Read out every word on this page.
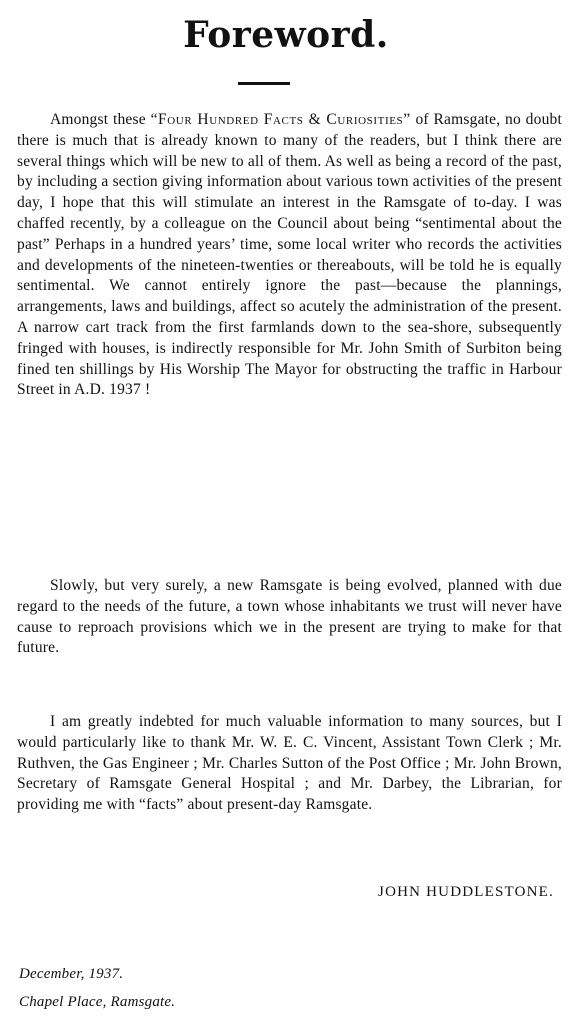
Foreword.

Amongst these “Four Hundred Facts & Curiosities” of Ramsgate, no doubt there is much that is already known to many of the readers, but I think there are several things which will be new to all of them. As well as being a record of the past, by including a section giving information about various town activities of the present day, I hope that this will stimulate an interest in the Ramsgate of to-day. I was chaffed recently, by a colleague on the Council about being “sentimental about the past” Perhaps in a hundred years’ time, some local writer who records the activities and developments of the nineteen-twenties or thereabouts, will be told he is equally sentimental. We cannot entirely ignore the past—because the plannings, arrangements, laws and buildings, affect so acutely the administration of the present. A narrow cart track from the first farmlands down to the sea-shore, subsequently fringed with houses, is indirectly responsible for Mr. John Smith of Surbiton being fined ten shillings by His Worship The Mayor for obstructing the traffic in Harbour Street in A.D. 1937 !

Slowly, but very surely, a new Ramsgate is being evolved, planned with due regard to the needs of the future, a town whose inhabitants we trust will never have cause to reproach provisions which we in the present are trying to make for that future.

I am greatly indebted for much valuable information to many sources, but I would particularly like to thank Mr. W. E. C. Vincent, Assistant Town Clerk ; Mr. Ruthven, the Gas Engineer ; Mr. Charles Sutton of the Post Office ; Mr. John Brown, Secretary of Ramsgate General Hospital ; and Mr. Darbey, the Librarian, for providing me with “facts” about present-day Ramsgate.

JOHN HUDDLESTONE.
December, 1937.
Chapel Place, Ramsgate.
